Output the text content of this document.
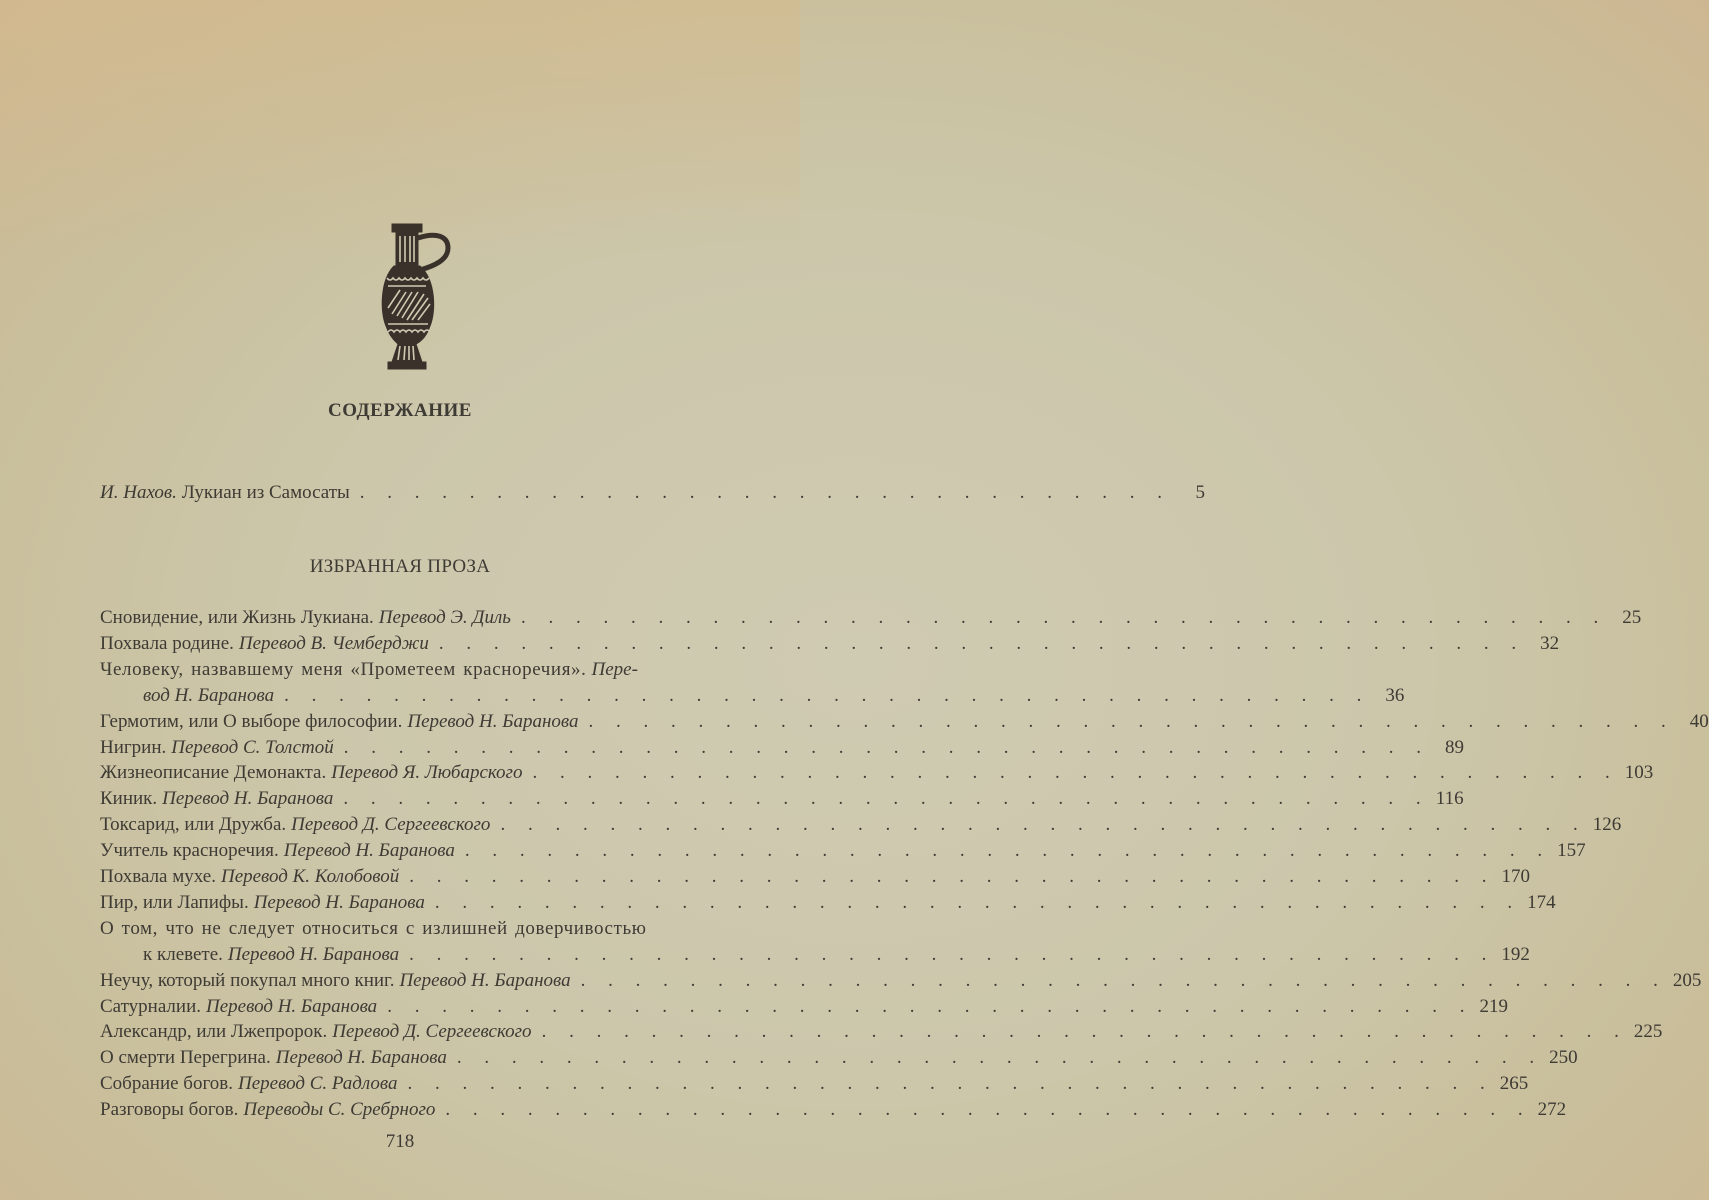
СОДЕРЖАНИЕ
И. Нахов. Лукиан из Самосаты . . . . . . . . . . . . . . . . . . . . . . . . . . . . . .	5
ИЗБРАННАЯ ПРОЗА
Сновидение, или Жизнь Лукиана. Перевод Э. Диль . . . . . . . . . . . . . . . . . . . . . . . . . . . . . . . . . . . . . . . . 25
Похвала родине. Перевод В. Чемберджи . . . . . . . . . . . . . . . . . . . . . . . . . . . . . . . . . . . . . . . . 32
Человеку, назвавшему меня «Прометеем красноречия». Пере-
вод Н. Баранова . . . . . . . . . . . . . . . . . . . . . . . . . . . . . . . . . . . . . . . . 36
Гермотим, или О выборе философии. Перевод Н. Баранова . . . . . . . . . . . . . . . . . . . . . . . . . . . . . . . . . . . . . . . . 40
Нигрин. Перевод С. Толстой . . . . . . . . . . . . . . . . . . . . . . . . . . . . . . . . . . . . . . . . 89
Жизнеописание Демонакта. Перевод Я. Любарского . . . . . . . . . . . . . . . . . . . . . . . . . . . . . . . . . . . . . . . . 103
Киник. Перевод Н. Баранова . . . . . . . . . . . . . . . . . . . . . . . . . . . . . . . . . . . . . . . . 116
Токсарид, или Дружба. Перевод Д. Сергеевского . . . . . . . . . . . . . . . . . . . . . . . . . . . . . . . . . . . . . . . . 126
Учитель красноречия. Перевод Н. Баранова . . . . . . . . . . . . . . . . . . . . . . . . . . . . . . . . . . . . . . . . 157
Похвала мухе. Перевод К. Колобовой . . . . . . . . . . . . . . . . . . . . . . . . . . . . . . . . . . . . . . . . 170
Пир, или Лапифы. Перевод Н. Баранова . . . . . . . . . . . . . . . . . . . . . . . . . . . . . . . . . . . . . . . . 174
О том, что не следует относиться с излишней доверчивостью
к клевете. Перевод Н. Баранова . . . . . . . . . . . . . . . . . . . . . . . . . . . . . . . . . . . . . . . . 192
Неучу, который покупал много книг. Перевод Н. Баранова . . . . . . . . . . . . . . . . . . . . . . . . . . . . . . . . . . . . . . . . 205
Сатурналии. Перевод Н. Баранова . . . . . . . . . . . . . . . . . . . . . . . . . . . . . . . . . . . . . . . . 219
Александр, или Лжепророк. Перевод Д. Сергеевского . . . . . . . . . . . . . . . . . . . . . . . . . . . . . . . . . . . . . . . . 225
О смерти Перегрина. Перевод Н. Баранова . . . . . . . . . . . . . . . . . . . . . . . . . . . . . . . . . . . . . . . . 250
Собрание богов. Перевод С. Радлова . . . . . . . . . . . . . . . . . . . . . . . . . . . . . . . . . . . . . . . . 265
Разговоры богов. Переводы С. Сребрного . . . . . . . . . . . . . . . . . . . . . . . . . . . . . . . . . . . . . . . . 272
718
